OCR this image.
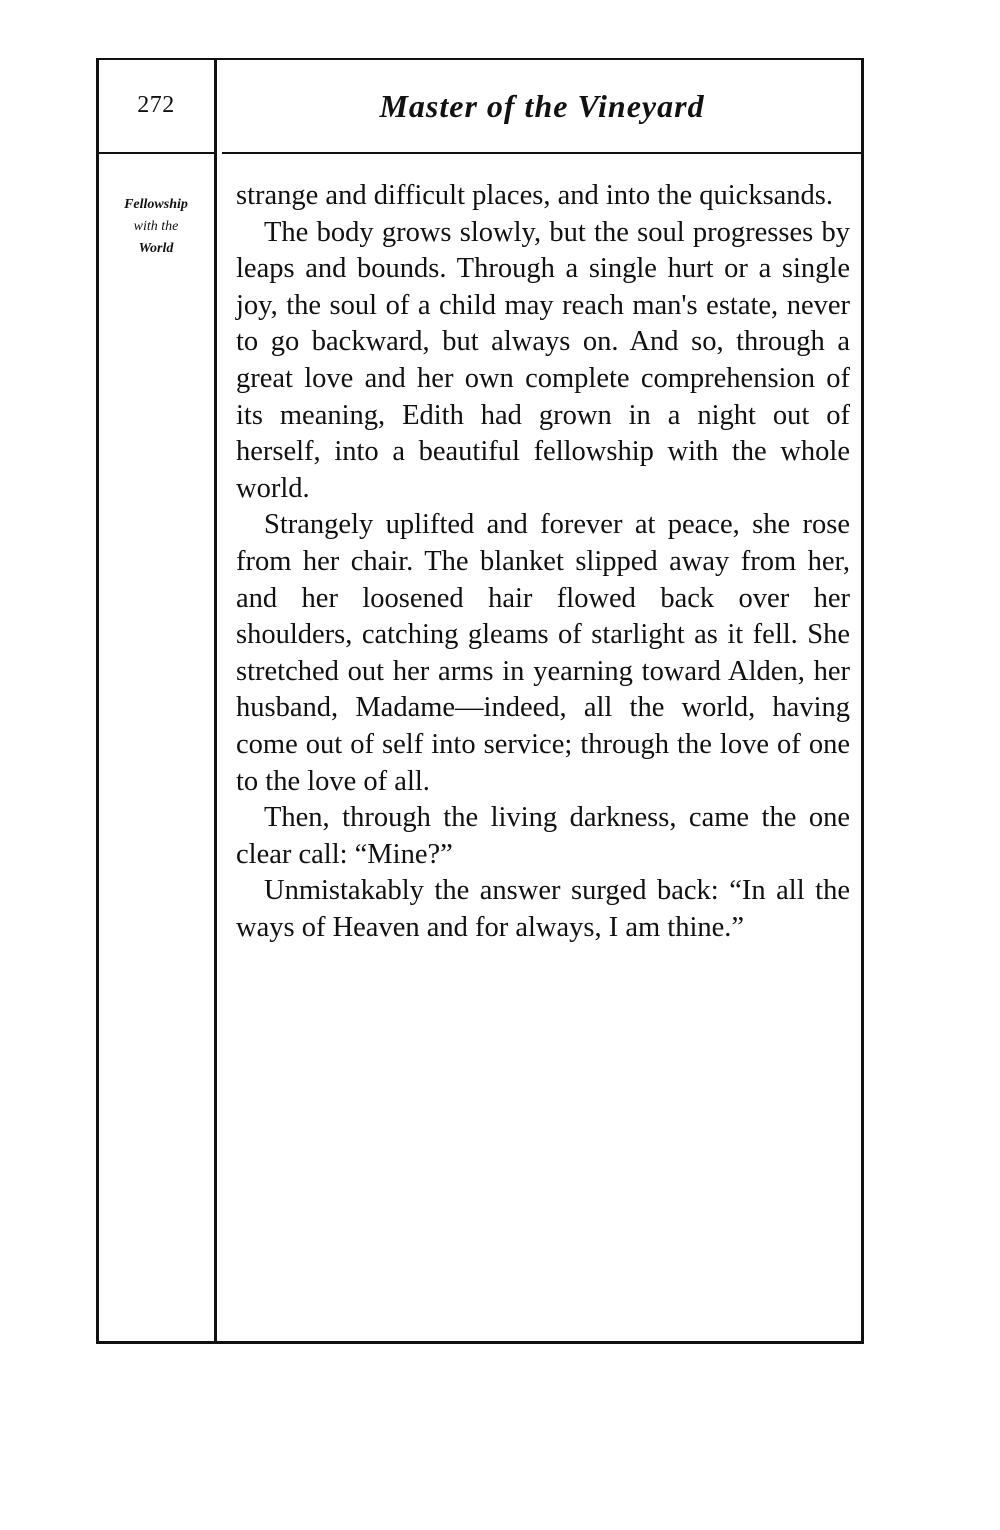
272	Master of the Vineyard
Fellowship
with the
World

strange and difficult places, and into the quicksands.

The body grows slowly, but the soul progresses by leaps and bounds. Through a single hurt or a single joy, the soul of a child may reach man's estate, never to go backward, but always on. And so, through a great love and her own complete comprehension of its meaning, Edith had grown in a night out of herself, into a beautiful fellowship with the whole world.

Strangely uplifted and forever at peace, she rose from her chair. The blanket slipped away from her, and her loosened hair flowed back over her shoulders, catching gleams of starlight as it fell. She stretched out her arms in yearning toward Alden, her husband, Madame—indeed, all the world, having come out of self into service; through the love of one to the love of all.

Then, through the living darkness, came the one clear call: “Mine?”

Unmistakably the answer surged back: “In all the ways of Heaven and for always, I am thine.”
